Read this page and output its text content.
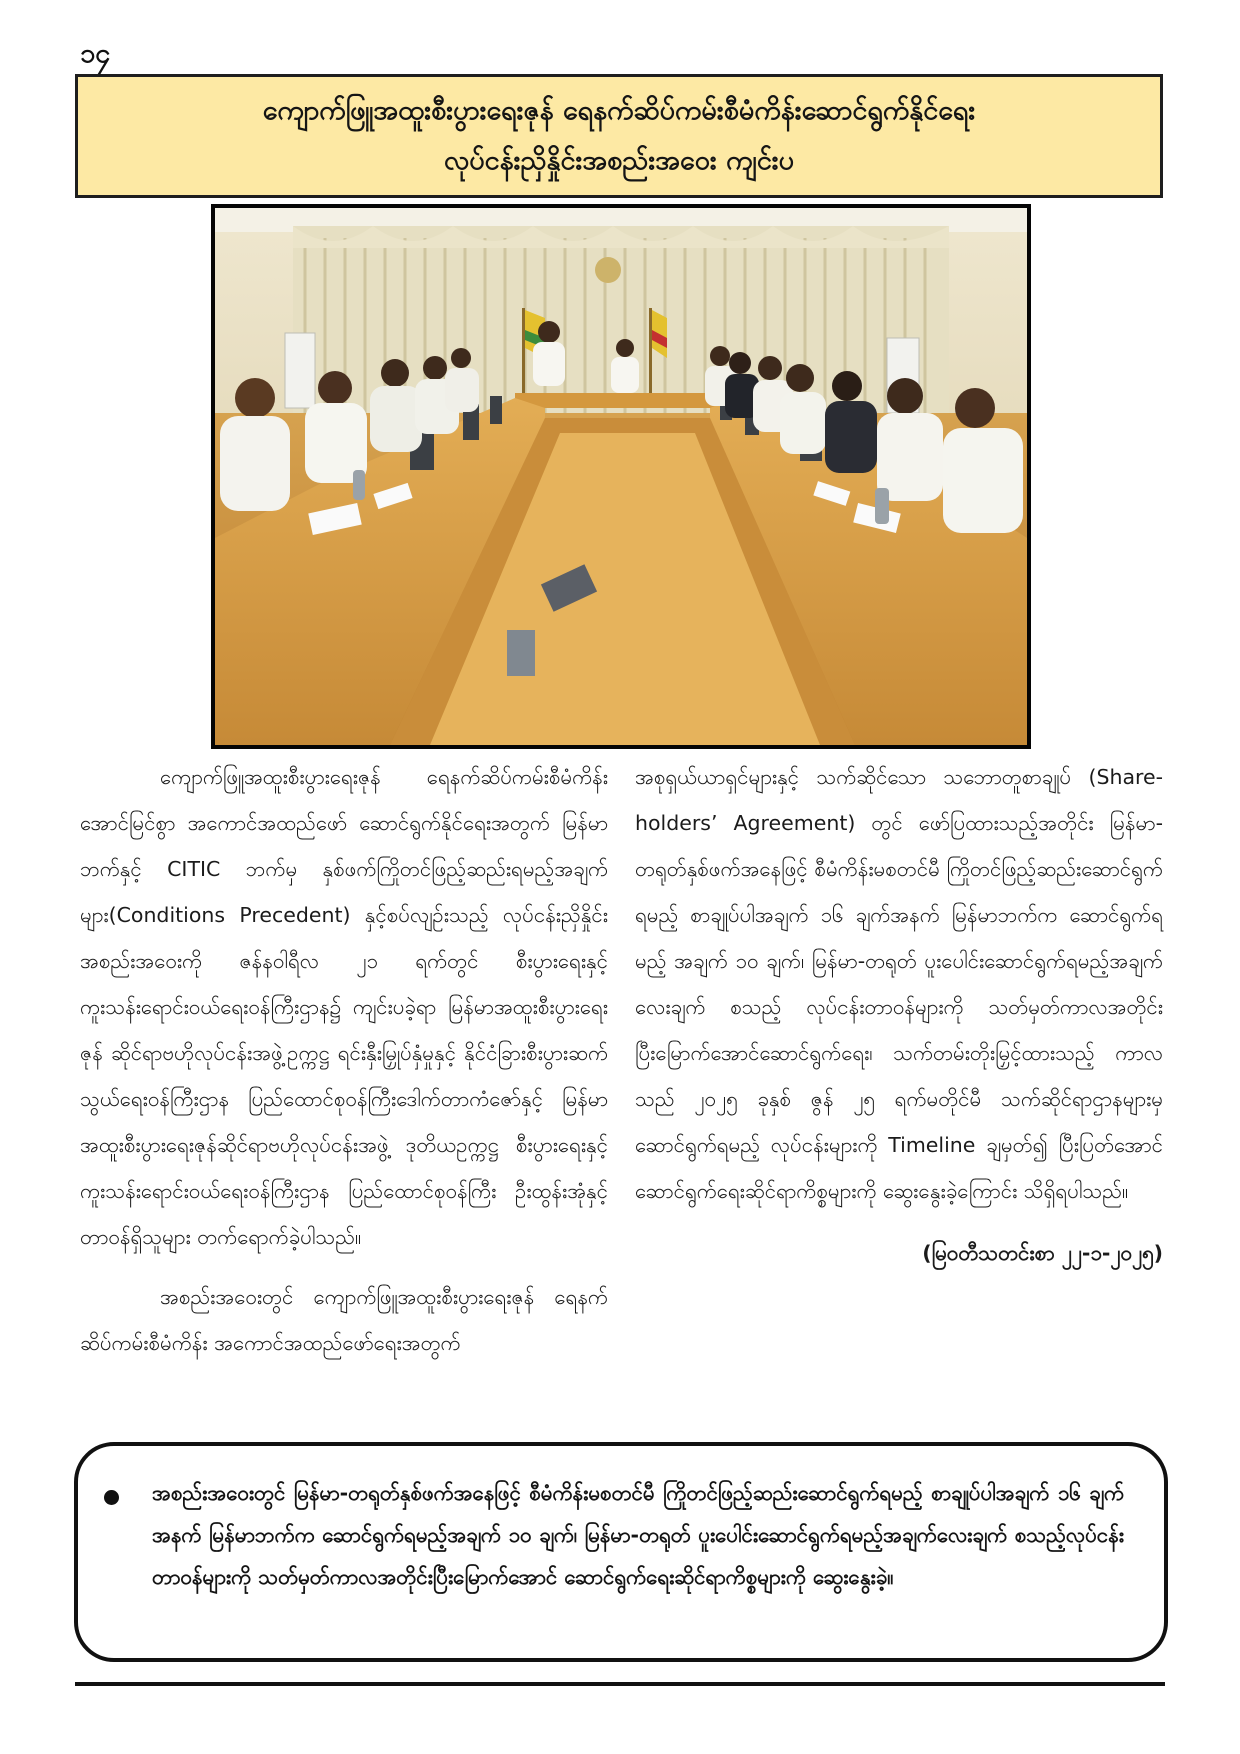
၁၄
ကျောက်ဖြူအထူးစီးပွားရေးဇုန် ရေနက်ဆိပ်ကမ်းစီမံကိန်းဆောင်ရွက်နိုင်ရေး
လုပ်ငန်းညှိနှိုင်းအစည်းအဝေး ကျင်းပ

ကျောက်ဖြူအထူးစီးပွားရေးဇုန် ရေနက်ဆိပ်ကမ်းစီမံကိန်းအောင်မြင်စွာ အကောင်အထည်ဖော် ဆောင်ရွက်နိုင်ရေးအတွက် မြန်မာဘက်နှင့် CITIC ဘက်မှ နှစ်ဖက်ကြိုတင်ဖြည့်ဆည်းရမည့်အချက်များ(Conditions Precedent) နှင့်စပ်လျဉ်းသည့် လုပ်ငန်းညှိနှိုင်းအစည်းအဝေးကို ဇန်နဝါရီလ ၂၁ ရက်တွင် စီးပွားရေးနှင့်ကူးသန်းရောင်းဝယ်ရေးဝန်ကြီးဌာန၌ ကျင်းပခဲ့ရာ မြန်မာအထူးစီးပွားရေးဇုန် ဆိုင်ရာဗဟိုလုပ်ငန်းအဖွဲ့ဥက္ကဋ္ဌ ရင်းနှီးမြှုပ်နှံမှုနှင့် နိုင်ငံခြားစီးပွားဆက်သွယ်ရေးဝန်ကြီးဌာန ပြည်ထောင်စုဝန်ကြီးဒေါက်တာကံဇော်နှင့် မြန်မာအထူးစီးပွားရေးဇုန်ဆိုင်ရာဗဟိုလုပ်ငန်းအဖွဲ့ ဒုတိယဥက္ကဋ္ဌ စီးပွားရေးနှင့်ကူးသန်းရောင်းဝယ်ရေးဝန်ကြီးဌာန ပြည်ထောင်စုဝန်ကြီး ဦးထွန်းအုံနှင့် တာဝန်ရှိသူများ တက်ရောက်ခဲ့ပါသည်။

အစည်းအဝေးတွင် ကျောက်ဖြူအထူးစီးပွားရေးဇုန် ရေနက်ဆိပ်ကမ်းစီမံကိန်း အကောင်အထည်ဖော်ရေးအတွက်

အစုရှယ်ယာရှင်များနှင့် သက်ဆိုင်သော သဘောတူစာချုပ် (Share-holders’ Agreement) တွင် ဖော်ပြထားသည့်အတိုင်း မြန်မာ-တရုတ်နှစ်ဖက်အနေဖြင့် စီမံကိန်းမစတင်မီ ကြိုတင်ဖြည့်ဆည်းဆောင်ရွက်ရမည့် စာချုပ်ပါအချက် ၁၆ ချက်အနက် မြန်မာဘက်က ဆောင်ရွက်ရမည့် အချက် ၁၀ ချက်၊ မြန်မာ-တရုတ် ပူးပေါင်းဆောင်ရွက်ရမည့်အချက်လေးချက် စသည့် လုပ်ငန်းတာဝန်များကို သတ်မှတ်ကာလအတိုင်း ပြီးမြောက်အောင်ဆောင်ရွက်ရေး၊ သက်တမ်းတိုးမြှင့်ထားသည့် ကာလသည် ၂၀၂၅ ခုနှစ် ဇွန် ၂၅ ရက်မတိုင်မီ သက်ဆိုင်ရာဌာနများမှဆောင်ရွက်ရမည့် လုပ်ငန်းများကို Timeline ချမှတ်၍ ပြီးပြတ်အောင် ဆောင်ရွက်ရေးဆိုင်ရာကိစ္စများကို ဆွေးနွေးခဲ့ကြောင်း သိရှိရပါသည်။

(မြဝတီသတင်းစာ ၂၂-၁-၂၀၂၅)

အစည်းအဝေးတွင် မြန်မာ-တရုတ်နှစ်ဖက်အနေဖြင့် စီမံကိန်းမစတင်မီ ကြိုတင်ဖြည့်ဆည်းဆောင်ရွက်ရမည့် စာချုပ်ပါအချက် ၁၆ ချက်အနက် မြန်မာဘက်က ဆောင်ရွက်ရမည့်အချက် ၁၀ ချက်၊ မြန်မာ-တရုတ် ပူးပေါင်းဆောင်ရွက်ရမည့်အချက်လေးချက် စသည့်လုပ်ငန်းတာဝန်များကို သတ်မှတ်ကာလအတိုင်းပြီးမြောက်အောင် ဆောင်ရွက်ရေးဆိုင်ရာကိစ္စများကို ဆွေးနွေးခဲ့။
